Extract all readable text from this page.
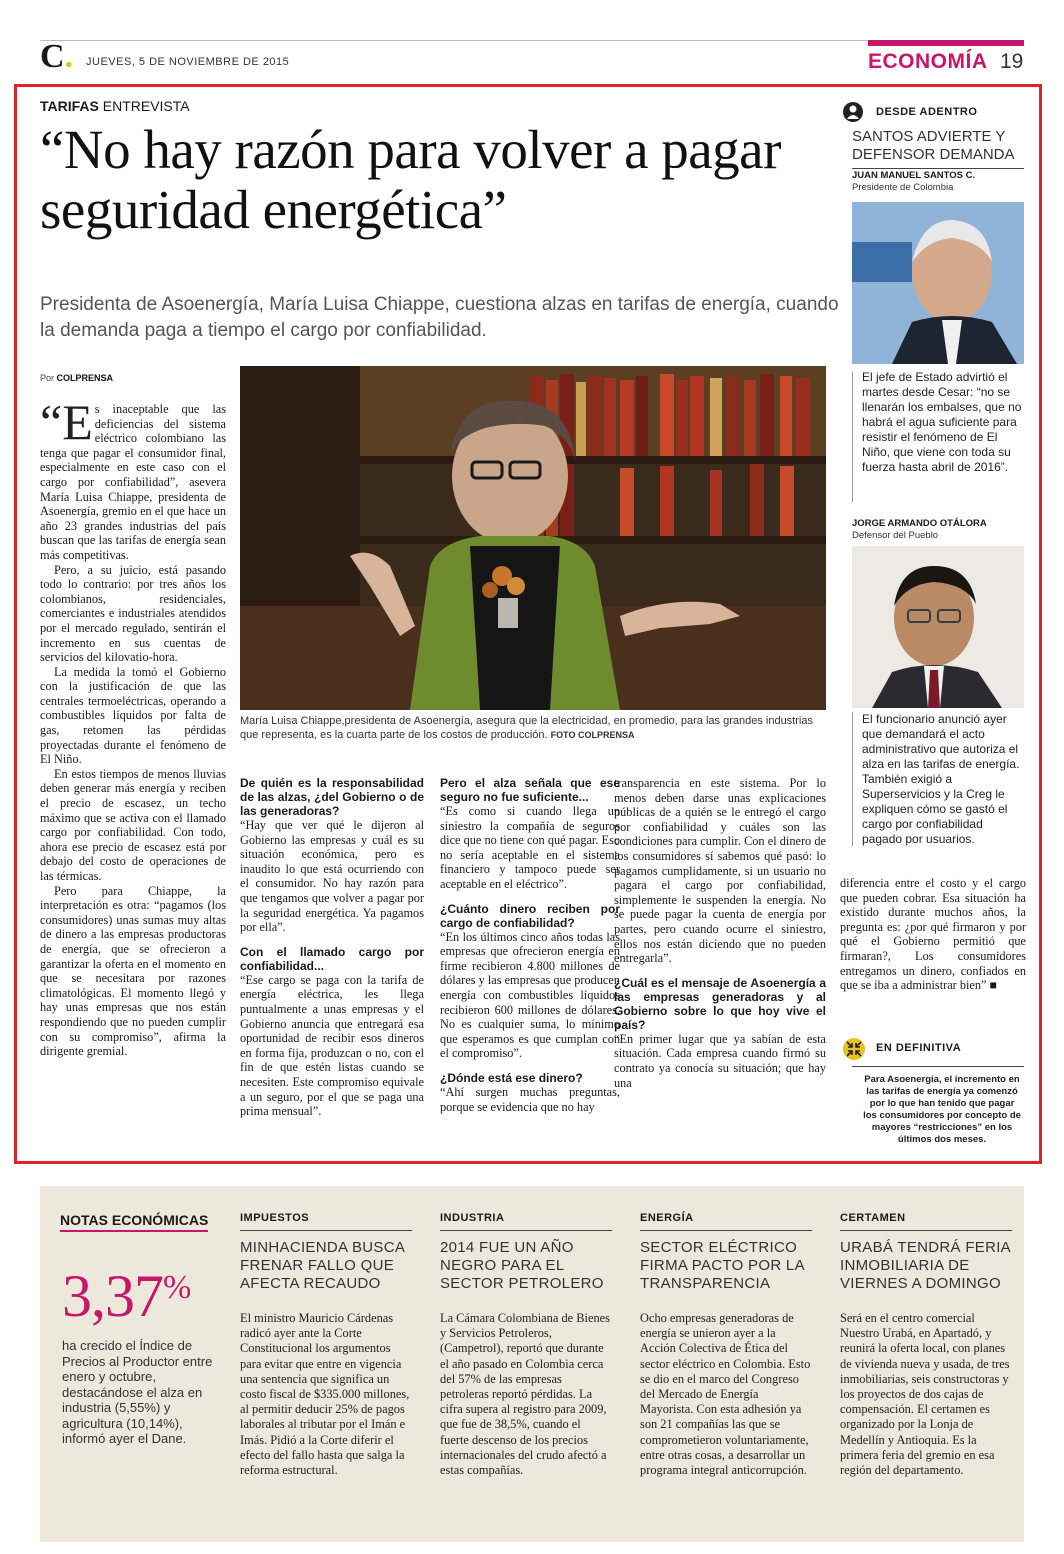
C. JUEVES, 5 DE NOVIEMBRE DE 2015	ECONOMÍA 19
TARIFAS ENTREVISTA
“No hay razón para volver a pagar seguridad energética”
Presidenta de Asoenergía, María Luisa Chiappe, cuestiona alzas en tarifas de energía, cuando la demanda paga a tiempo el cargo por confiabilidad.
Por COLPRENSA
María Luisa Chiappe,presidenta de Asoenergía, asegura que la electricidad, en promedio, para las grandes industrias que representa, es la cuarta parte de los costos de producción. FOTO COLPRENSA

“Es inaceptable que las deficiencias del sistema eléctrico colombiano las tenga que pagar el consumidor final, especialmente en este caso con el cargo por confiabilidad”, asevera María Luisa Chiappe, presidenta de Asoenergía, gremio en el que hace un año 23 grandes industrias del país buscan que las tarifas de energía sean más competitivas.

Pero, a su juicio, está pasando todo lo contrario: por tres años los colombianos, residenciales, comerciantes e industriales atendidos por el mercado regulado, sentirán el incremento en sus cuentas de servicios del kilovatio-hora.

La medida la tomó el Gobierno con la justificación de que las centrales termoeléctricas, operando a combustibles líquidos por falta de gas, retomen las pérdidas proyectadas durante el fenómeno de El Niño.

En estos tiempos de menos lluvias deben generar más energía y reciben el precio de escasez, un techo máximo que se activa con el llamado cargo por confiabilidad. Con todo, ahora ese precio de escasez está por debajo del costo de operaciones de las térmicas.

Pero para Chiappe, la interpretación es otra: “pagamos (los consumidores) unas sumas muy altas de dinero a las empresas productoras de energía, que se ofrecieron a garantizar la oferta en el momento en que se necesitara por razones climatológicas. El momento llegó y hay unas empresas que nos están respondiendo que no pueden cumplir con su compromiso”, afirma la dirigente gremial.

De quién es la responsabilidad de las alzas, ¿del Gobierno o de las generadoras?

“Hay que ver qué le dijeron al Gobierno las empresas y cuál es su situación económica, pero es inaudito lo que está ocurriendo con el consumidor. No hay razón para que tengamos que volver a pagar por la seguridad energética. Ya pagamos por ella”.

Con el llamado cargo por confiabilidad...

“Ese cargo se paga con la tarifa de energía eléctrica, les llega puntualmente a unas empresas y el Gobierno anuncia que entregará esa oportunidad de recibir esos dineros en forma fija, produzcan o no, con el fin de que estén listas cuando se necesiten. Este compromiso equivale a un seguro, por el que se paga una prima mensual”.

Pero el alza señala que ese seguro no fue suficiente...

“Es como si cuando llega un siniestro la compañía de seguros dice que no tiene con qué pagar. Eso no sería aceptable en el sistema financiero y tampoco puede ser aceptable en el eléctrico”.

¿Cuánto dinero reciben por cargo de confiabilidad?

“En los últimos cinco años todas las empresas que ofrecieron energía en firme recibieron 4.800 millones de dólares y las empresas que producen energía con combustibles líquidos recibieron 600 millones de dólares. No es cualquier suma, lo mínimo que esperamos es que cumplan con el compromiso”.

¿Dónde está ese dinero?

“Ahí surgen muchas preguntas, porque se evidencia que no hay

transparencia en este sistema. Por lo menos deben darse unas explicaciones públicas de a quién se le entregó el cargo por confiabilidad y cuáles son las condiciones para cumplir. Con el dinero de los consumidores sí sabemos qué pasó: lo pagamos cumplidamente, si un usuario no pagara el cargo por confiabilidad, simplemente le suspenden la energía. No se puede pagar la cuenta de energía por partes, pero cuando ocurre el siniestro, ellos nos están diciendo que no pueden entregarla”.

¿Cuál es el mensaje de Asoenergía a las empresas generadoras y al Gobierno sobre lo que hoy vive el país?

“En primer lugar que ya sabían de esta situación. Cada empresa cuando firmó su contrato ya conocía su situación; que hay una

diferencia entre el costo y el cargo que pueden cobrar. Esa situación ha existido durante muchos años, la pregunta es: ¿por qué firmaron y por qué el Gobierno permitió que firmaran?, Los consumidores entregamos un dinero, confiados en que se iba a administrar bien” ■

DESDE ADENTRO
SANTOS ADVIERTE Y DEFENSOR DEMANDA
JUAN MANUEL SANTOS C.
Presidente de Colombia
El jefe de Estado advirtió el martes desde Cesar: “no se llenarán los embalses, que no habrá el agua suficiente para resistir el fenómeno de El Niño, que viene con toda su fuerza hasta abril de 2016”.
JORGE ARMANDO OTÁLORA
Defensor del Pueblo
El funcionario anunció ayer que demandará el acto administrativo que autoriza el alza en las tarifas de energía. También exigió a Superservicios y la Creg le expliquen cómo se gastó el cargo por confiabilidad pagado por usuarios.
EN DEFINITIVA
Para Asoenergía, el incremento en las tarifas de energía ya comenzó por lo que han tenido que pagar los consumidores por concepto de mayores “restricciones” en los últimos dos meses.
NOTAS ECONÓMICAS
3,37%
ha crecido el Índice de Precios al Productor entre enero y octubre, destacándose el alza en industria (5,55%) y agricultura (10,14%), informó ayer el Dane.
IMPUESTOS
MINHACIENDA BUSCA FRENAR FALLO QUE AFECTA RECAUDO
El ministro Mauricio Cárdenas radicó ayer ante la Corte Constitucional los argumentos para evitar que entre en vigencia una sentencia que significa un costo fiscal de $335.000 millones, al permitir deducir 25% de pagos laborales al tributar por el Imán e Imás. Pidió a la Corte diferir el efecto del fallo hasta que salga la reforma estructural.
INDUSTRIA
2014 FUE UN AÑO NEGRO PARA EL SECTOR PETROLERO
La Cámara Colombiana de Bienes y Servicios Petroleros, (Campetrol), reportó que durante el año pasado en Colombia cerca del 57% de las empresas petroleras reportó pérdidas. La cifra supera al registro para 2009, que fue de 38,5%, cuando el fuerte descenso de los precios internacionales del crudo afectó a estas compañías.
ENERGÍA
SECTOR ELÉCTRICO FIRMA PACTO POR LA TRANSPARENCIA
Ocho empresas generadoras de energía se unieron ayer a la Acción Colectiva de Ética del sector eléctrico en Colombia. Esto se dio en el marco del Congreso del Mercado de Energía Mayorista. Con esta adhesión ya son 21 compañías las que se comprometieron voluntariamente, entre otras cosas, a desarrollar un programa integral anticorrupción.
CERTAMEN
URABÁ TENDRÁ FERIA INMOBILIARIA DE VIERNES A DOMINGO
Será en el centro comercial Nuestro Urabá, en Apartadó, y reunirá la oferta local, con planes de vivienda nueva y usada, de tres inmobiliarias, seis constructoras y los proyectos de dos cajas de compensación. El certamen es organizado por la Lonja de Medellín y Antioquia. Es la primera feria del gremio en esa región del departamento.
